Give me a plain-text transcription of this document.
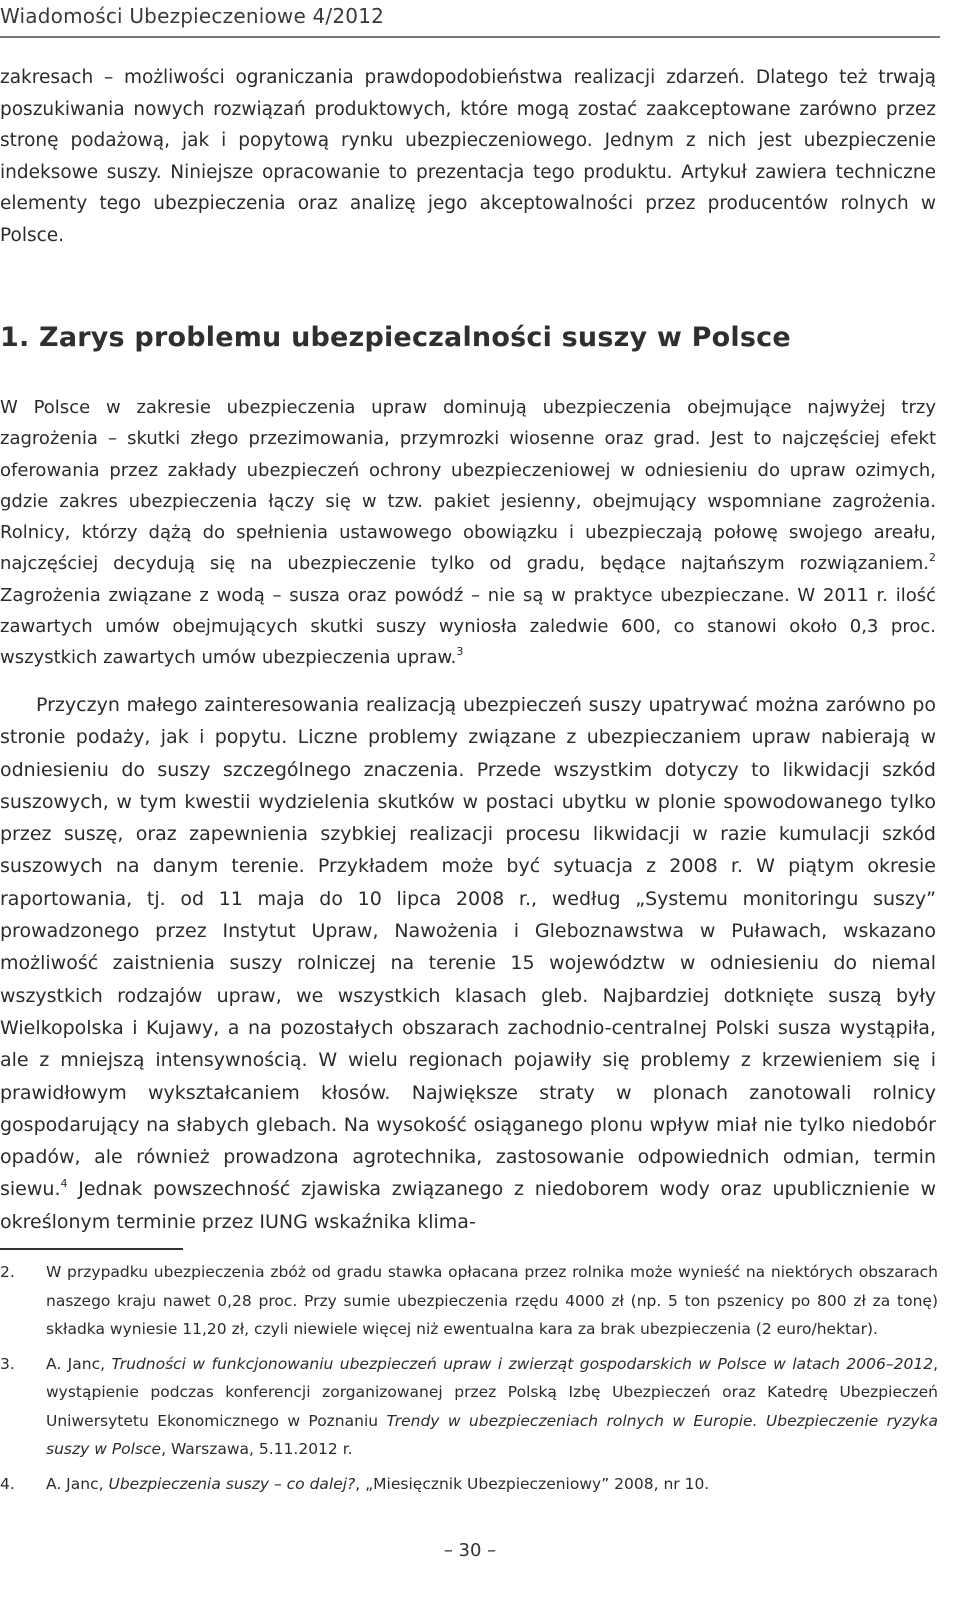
Wiadomości Ubezpieczeniowe 4/2012

zakresach – możliwości ograniczania prawdopodobieństwa realizacji zdarzeń. Dlatego też trwają poszukiwania nowych rozwiązań produktowych, które mogą zostać zaakceptowane zarówno przez stronę podażową, jak i popytową rynku ubezpieczeniowego. Jednym z nich jest ubezpieczenie indeksowe suszy. Niniejsze opracowanie to prezentacja tego produktu. Artykuł zawiera techniczne elementy tego ubezpieczenia oraz analizę jego akceptowalności przez producentów rolnych w Polsce.

1. Zarys problemu ubezpieczalności suszy w Polsce

W Polsce w zakresie ubezpieczenia upraw dominują ubezpieczenia obejmujące najwyżej trzy zagrożenia – skutki złego przezimowania, przymrozki wiosenne oraz grad. Jest to najczęściej efekt oferowania przez zakłady ubezpieczeń ochrony ubezpieczeniowej w odniesieniu do upraw ozimych, gdzie zakres ubezpieczenia łączy się w tzw. pakiet jesienny, obejmujący wspomniane zagrożenia. Rolnicy, którzy dążą do spełnienia ustawowego obowiązku i ubezpieczają połowę swojego areału, najczęściej decydują się na ubezpieczenie tylko od gradu, będące najtańszym rozwiązaniem.$^2$ Zagrożenia związane z wodą – susza oraz powódź – nie są w praktyce ubezpieczane. W 2011 r. ilość zawartych umów obejmujących skutki suszy wyniosła zaledwie 600, co stanowi około 0,3 proc. wszystkich zawartych umów ubezpieczenia upraw.$^3$

Przyczyn małego zainteresowania realizacją ubezpieczeń suszy upatrywać można zarówno po stronie podaży, jak i popytu. Liczne problemy związane z ubezpieczaniem upraw nabierają w odniesieniu do suszy szczególnego znaczenia. Przede wszystkim dotyczy to likwidacji szkód suszowych, w tym kwestii wydzielenia skutków w postaci ubytku w plonie spowodowanego tylko przez suszę, oraz zapewnienia szybkiej realizacji procesu likwidacji w razie kumulacji szkód suszowych na danym terenie. Przykładem może być sytuacja z 2008 r. W piątym okresie raportowania, tj. od 11 maja do 10 lipca 2008 r., według „Systemu monitoringu suszy” prowadzonego przez Instytut Upraw, Nawożenia i Gleboznawstwa w Puławach, wskazano możliwość zaistnienia suszy rolniczej na terenie 15 województw w odniesieniu do niemal wszystkich rodzajów upraw, we wszystkich klasach gleb. Najbardziej dotknięte suszą były Wielkopolska i Kujawy, a na pozostałych obszarach zachodnio-centralnej Polski susza wystąpiła, ale z mniejszą intensywnością. W wielu regionach pojawiły się problemy z krzewieniem się i prawidłowym wykształcaniem kłosów. Największe straty w plonach zanotowali rolnicy gospodarujący na słabych glebach. Na wysokość osiąganego plonu wpływ miał nie tylko niedobór opadów, ale również prowadzona agrotechnika, zastosowanie odpowiednich odmian, termin siewu.$^4$ Jednak powszechność zjawiska związanego z niedoborem wody oraz upublicznienie w określonym terminie przez IUNG wskaźnika klima-

2.	W przypadku ubezpieczenia zbóż od gradu stawka opłacana przez rolnika może wynieść na niektórych obszarach naszego kraju nawet 0,28 proc. Przy sumie ubezpieczenia rzędu 4000 zł (np. 5 ton pszenicy po 800 zł za tonę) składka wyniesie 11,20 zł, czyli niewiele więcej niż ewentualna kara za brak ubezpieczenia (2 euro/hektar).
3.	A. Janc, Trudności w funkcjonowaniu ubezpieczeń upraw i zwierząt gospodarskich w Polsce w latach 2006–2012, wystąpienie podczas konferencji zorganizowanej przez Polską Izbę Ubezpieczeń oraz Katedrę Ubezpieczeń Uniwersytetu Ekonomicznego w Poznaniu Trendy w ubezpieczeniach rolnych w Europie. Ubezpieczenie ryzyka suszy w Polsce, Warszawa, 5.11.2012 r.
4.	A. Janc, Ubezpieczenia suszy – co dalej?, „Miesięcznik Ubezpieczeniowy” 2008, nr 10.
– 30 –
